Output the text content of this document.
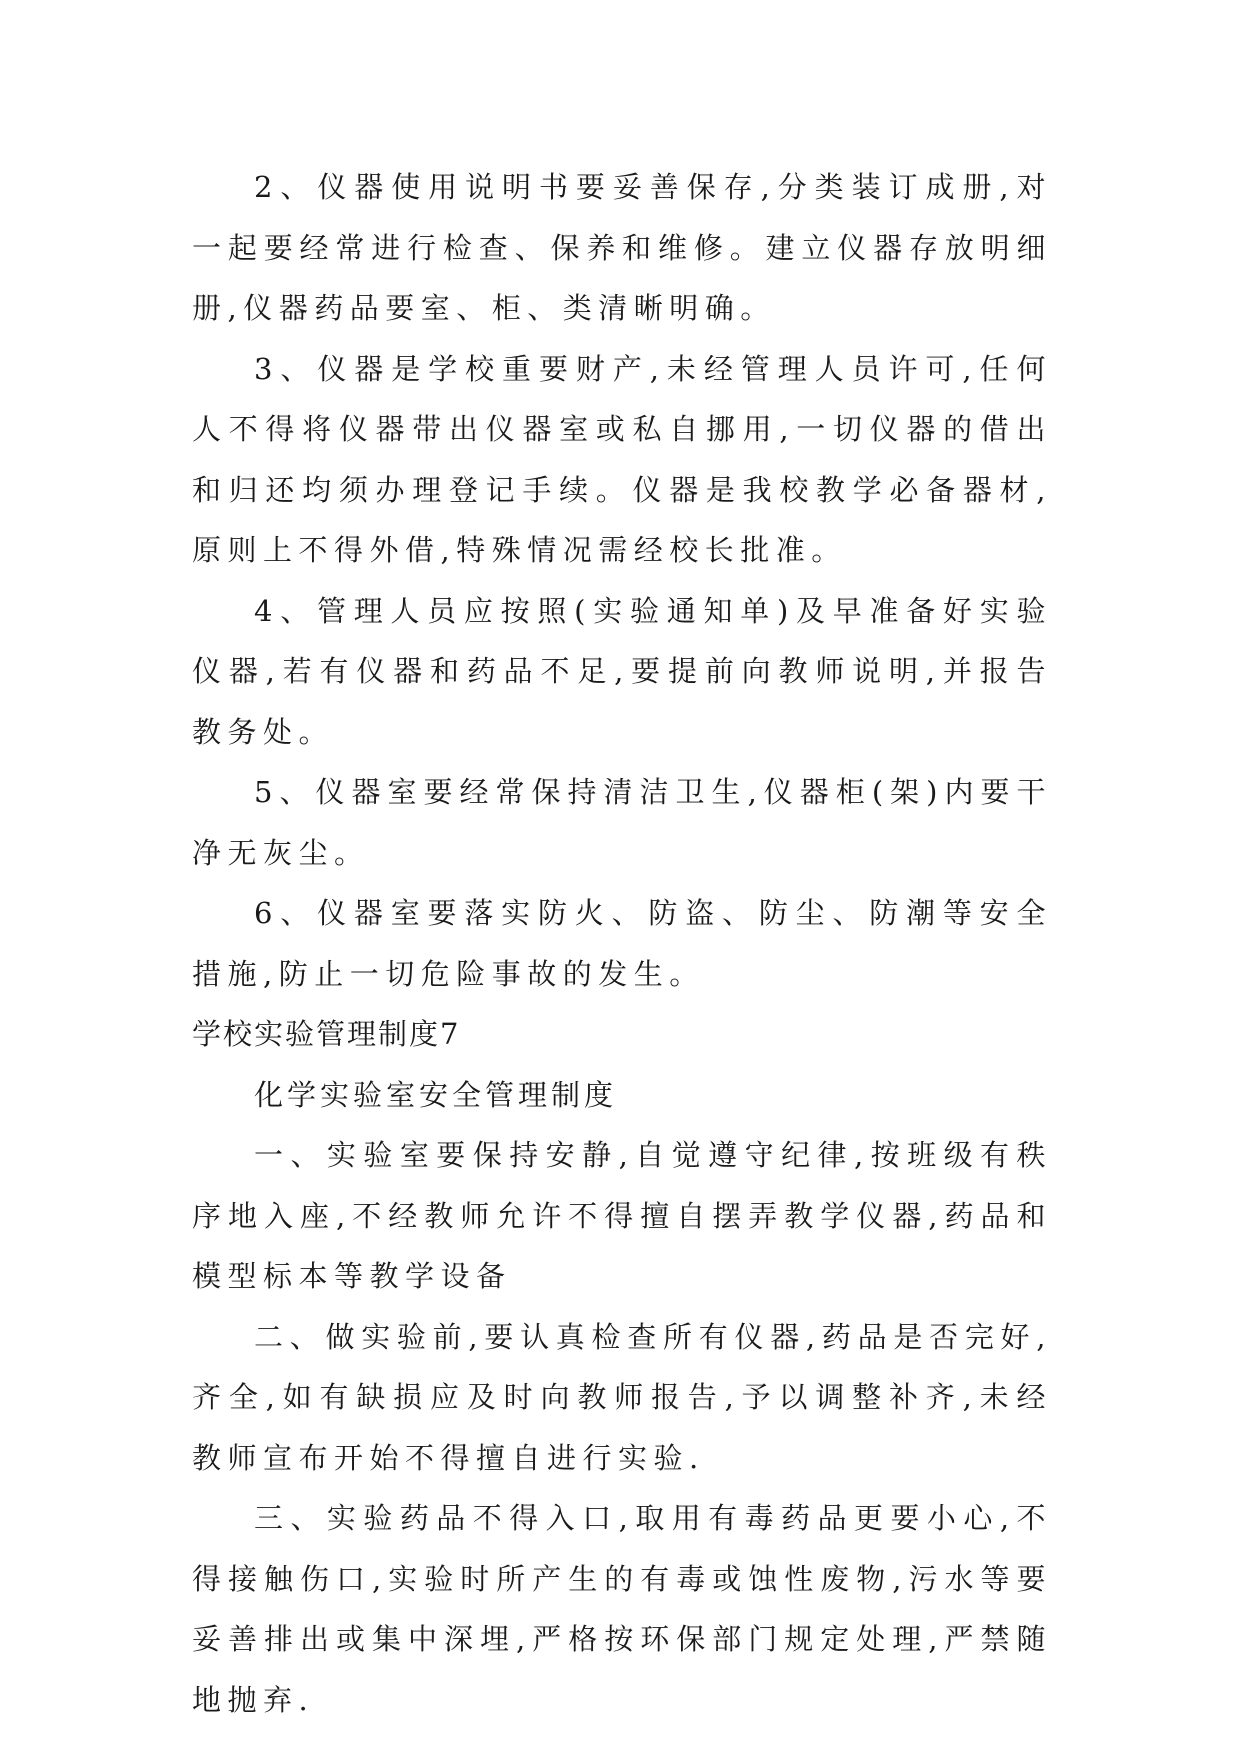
2、仪器使用说明书要妥善保存,分类装订成册,对一起要经常进行检查、保养和维修。建立仪器存放明细册,仪器药品要室、柜、类清晰明确。

3、仪器是学校重要财产,未经管理人员许可,任何人不得将仪器带出仪器室或私自挪用,一切仪器的借出和归还均须办理登记手续。仪器是我校教学必备器材,原则上不得外借,特殊情况需经校长批准。

4、管理人员应按照(实验通知单)及早准备好实验仪器,若有仪器和药品不足,要提前向教师说明,并报告教务处。

5、仪器室要经常保持清洁卫生,仪器柜(架)内要干净无灰尘。

6、仪器室要落实防火、防盗、防尘、防潮等安全措施,防止一切危险事故的发生。

学校实验管理制度7

化学实验室安全管理制度

一、实验室要保持安静,自觉遵守纪律,按班级有秩序地入座,不经教师允许不得擅自摆弄教学仪器,药品和模型标本等教学设备

二、做实验前,要认真检查所有仪器,药品是否完好,齐全,如有缺损应及时向教师报告,予以调整补齐,未经教师宣布开始不得擅自进行实验.

三、实验药品不得入口,取用有毒药品更要小心,不得接触伤口,实验时所产生的有毒或蚀性废物,污水等要妥善排出或集中深埋,严格按环保部门规定处理,严禁随地抛弃.
